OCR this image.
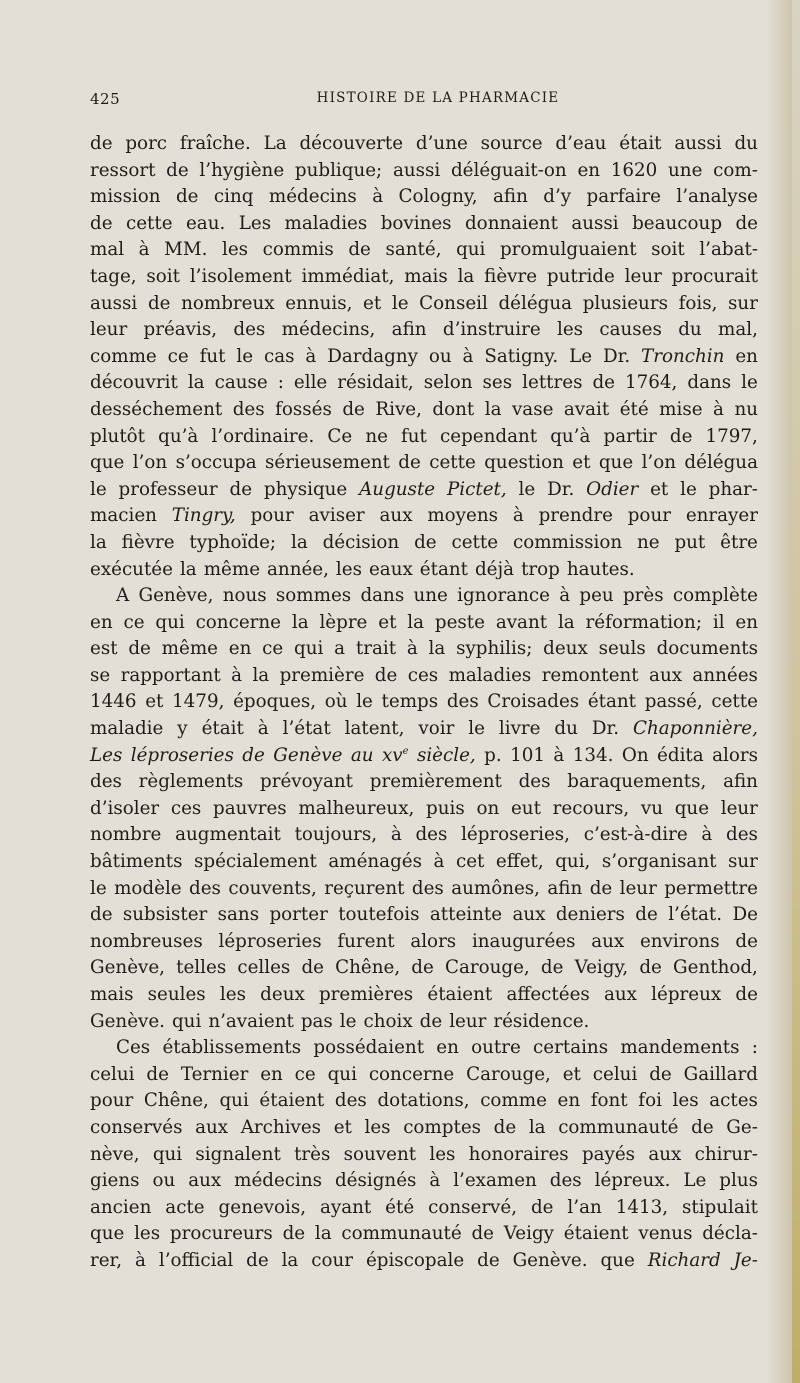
425	HISTOIRE DE LA PHARMACIE
de porc fraîche. La découverte d’une source d’eau était aussi du
ressort de l’hygiène publique; aussi déléguait-on en 1620 une com-
mission de cinq médecins à Cologny, afin d’y parfaire l’analyse
de cette eau. Les maladies bovines donnaient aussi beaucoup de
mal à MM. les commis de santé, qui promulguaient soit l’abat-
tage, soit l’isolement immédiat, mais la fièvre putride leur procurait
aussi de nombreux ennuis, et le Conseil délégua plusieurs fois, sur
leur préavis, des médecins, afin d’instruire les causes du mal,
comme ce fut le cas à Dardagny ou à Satigny. Le Dr. Tronchin en
découvrit la cause : elle résidait, selon ses lettres de 1764, dans le
desséchement des fossés de Rive, dont la vase avait été mise à nu
plutôt qu’à l’ordinaire. Ce ne fut cependant qu’à partir de 1797,
que l’on s’occupa sérieusement de cette question et que l’on délégua
le professeur de physique Auguste Pictet, le Dr. Odier et le phar-
macien Tingry, pour aviser aux moyens à prendre pour enrayer
la fièvre typhoïde; la décision de cette commission ne put être
exécutée la même année, les eaux étant déjà trop hautes.
A Genève, nous sommes dans une ignorance à peu près complète
en ce qui concerne la lèpre et la peste avant la réformation; il en
est de même en ce qui a trait à la syphilis; deux seuls documents
se rapportant à la première de ces maladies remontent aux années
1446 et 1479, époques, où le temps des Croisades étant passé, cette
maladie y était à l’état latent, voir le livre du Dr. Chaponnière,
Les léproseries de Genève au $xv^e$ siècle, p. 101 à 134. On édita alors
des règlements prévoyant premièrement des baraquements, afin
d’isoler ces pauvres malheureux, puis on eut recours, vu que leur
nombre augmentait toujours, à des léproseries, c’est-à-dire à des
bâtiments spécialement aménagés à cet effet, qui, s’organisant sur
le modèle des couvents, reçurent des aumônes, afin de leur permettre
de subsister sans porter toutefois atteinte aux deniers de l’état. De
nombreuses léproseries furent alors inaugurées aux environs de
Genève, telles celles de Chêne, de Carouge, de Veigy, de Genthod,
mais seules les deux premières étaient affectées aux lépreux de
Genève. qui n’avaient pas le choix de leur résidence.
Ces établissements possédaient en outre certains mandements :
celui de Ternier en ce qui concerne Carouge, et celui de Gaillard
pour Chêne, qui étaient des dotations, comme en font foi les actes
conservés aux Archives et les comptes de la communauté de Ge-
nève, qui signalent très souvent les honoraires payés aux chirur-
giens ou aux médecins désignés à l’examen des lépreux. Le plus
ancien acte genevois, ayant été conservé, de l’an 1413, stipulait
que les procureurs de la communauté de Veigy étaient venus décla-
rer, à l’official de la cour épiscopale de Genève. que Richard Je-
